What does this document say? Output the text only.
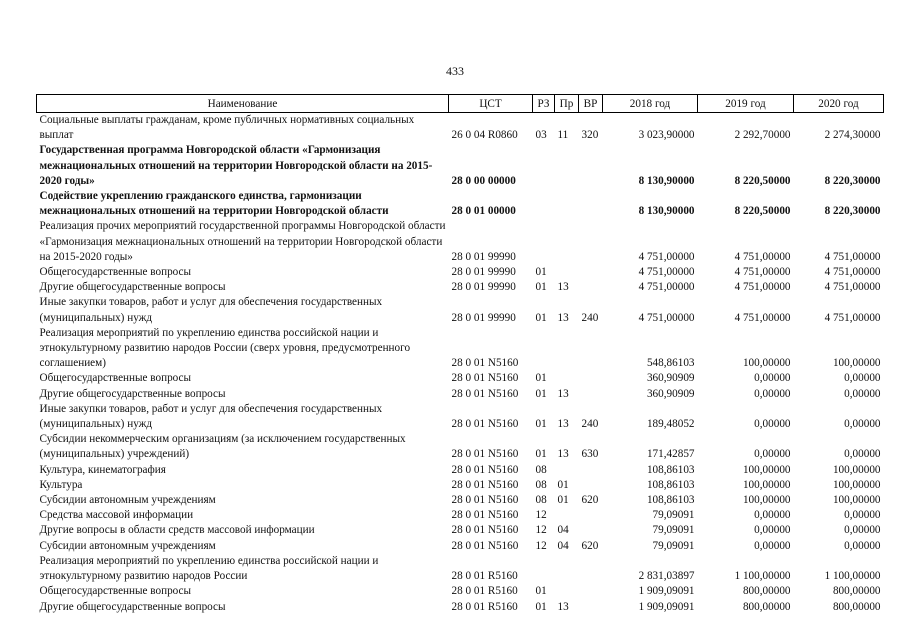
433
Наименование	ЦСТ	РЗ	Пр	ВР	2018 год	2019 год	2020 год
Социальные выплаты гражданам, кроме публичных нормативных социальных выплат	26 0 04 R0860	03	11	320	3 023,90000	2 292,70000	2 274,30000
Государственная программа Новгородской области «Гармонизация межнациональных отношений на территории Новгородской области на 2015-2020 годы»	28 0 00 00000				8 130,90000	8 220,50000	8 220,30000
Содействие укреплению гражданского единства, гармонизации межнациональных отношений на территории Новгородской области	28 0 01 00000				8 130,90000	8 220,50000	8 220,30000
Реализация прочих мероприятий государственной программы Новгородской области «Гармонизация межнациональных отношений на территории Новгородской области на 2015-2020 годы»	28 0 01 99990				4 751,00000	4 751,00000	4 751,00000
Общегосударственные вопросы	28 0 01 99990	01			4 751,00000	4 751,00000	4 751,00000
Другие общегосударственные вопросы	28 0 01 99990	01	13		4 751,00000	4 751,00000	4 751,00000
Иные закупки товаров, работ и услуг для обеспечения государственных (муниципальных) нужд	28 0 01 99990	01	13	240	4 751,00000	4 751,00000	4 751,00000
Реализация мероприятий по укреплению единства российской нации и этнокультурному развитию народов России (сверх уровня, предусмотренного соглашением)	28 0 01 N5160				548,86103	100,00000	100,00000
Общегосударственные вопросы	28 0 01 N5160	01			360,90909	0,00000	0,00000
Другие общегосударственные вопросы	28 0 01 N5160	01	13		360,90909	0,00000	0,00000
Иные закупки товаров, работ и услуг для обеспечения государственных (муниципальных) нужд	28 0 01 N5160	01	13	240	189,48052	0,00000	0,00000
Субсидии некоммерческим организациям (за исключением государственных (муниципальных) учреждений)	28 0 01 N5160	01	13	630	171,42857	0,00000	0,00000
Культура, кинематография	28 0 01 N5160	08			108,86103	100,00000	100,00000
Культура	28 0 01 N5160	08	01		108,86103	100,00000	100,00000
Субсидии автономным учреждениям	28 0 01 N5160	08	01	620	108,86103	100,00000	100,00000
Средства массовой информации	28 0 01 N5160	12			79,09091	0,00000	0,00000
Другие вопросы в области средств массовой информации	28 0 01 N5160	12	04		79,09091	0,00000	0,00000
Субсидии автономным учреждениям	28 0 01 N5160	12	04	620	79,09091	0,00000	0,00000
Реализация мероприятий по укреплению единства российской нации и этнокультурному развитию народов России	28 0 01 R5160				2 831,03897	1 100,00000	1 100,00000
Общегосударственные вопросы	28 0 01 R5160	01			1 909,09091	800,00000	800,00000
Другие общегосударственные вопросы	28 0 01 R5160	01	13		1 909,09091	800,00000	800,00000
